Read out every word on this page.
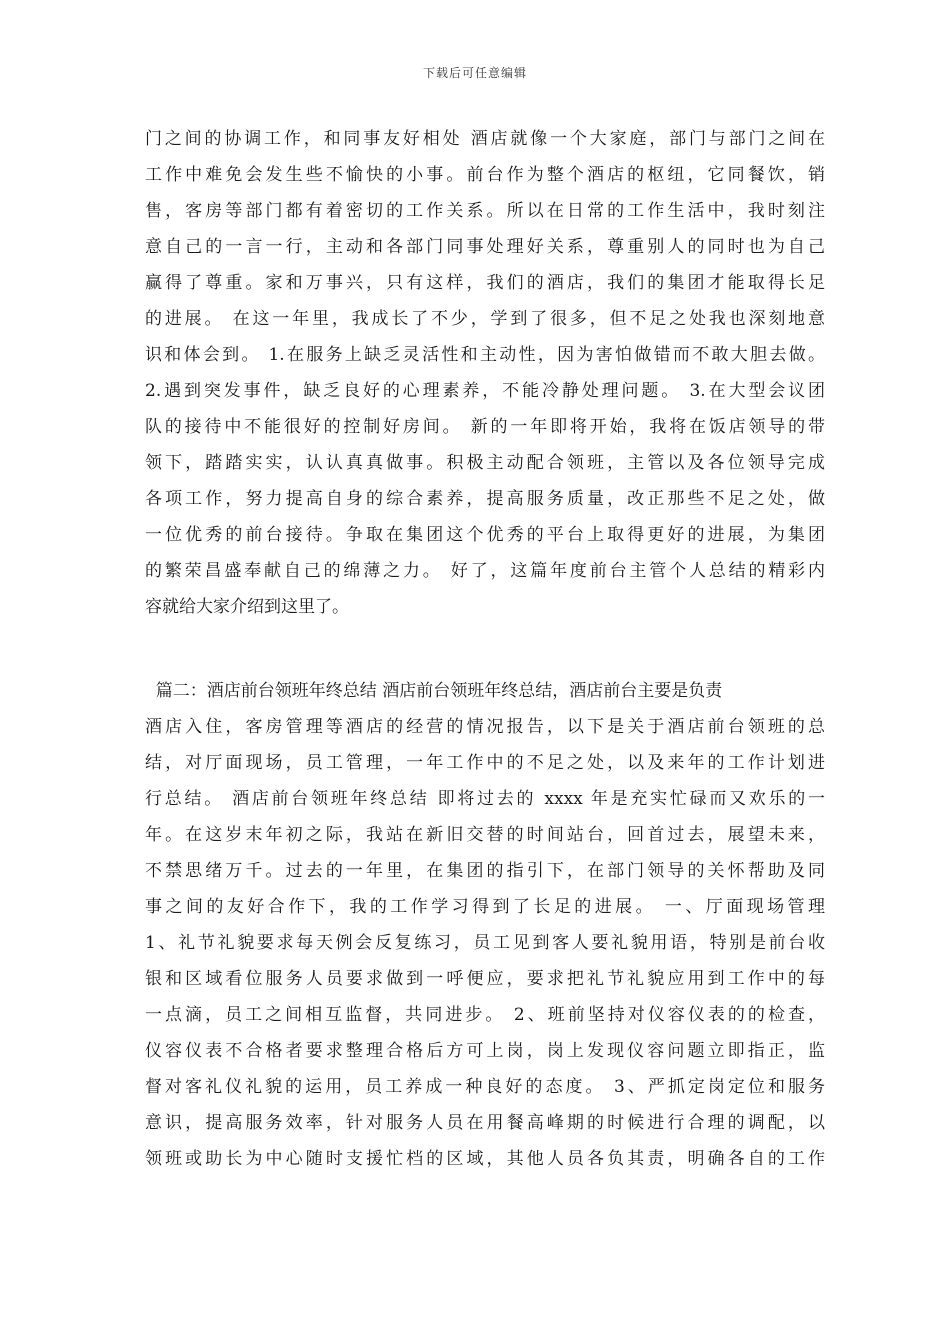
下载后可任意编辑
门之间的协调工作，和同事友好相处 酒店就像一个大家庭，部门与部门之间在
工作中难免会发生些不愉快的小事。前台作为整个酒店的枢纽，它同餐饮，销
售，客房等部门都有着密切的工作关系。所以在日常的工作生活中，我时刻注
意自己的一言一行，主动和各部门同事处理好关系，尊重别人的同时也为自己
赢得了尊重。家和万事兴，只有这样，我们的酒店，我们的集团才能取得长足
的进展。 在这一年里，我成长了不少，学到了很多，但不足之处我也深刻地意
识和体会到。 1.在服务上缺乏灵活性和主动性，因为害怕做错而不敢大胆去做。
2.遇到突发事件，缺乏良好的心理素养，不能冷静处理问题。 3.在大型会议团
队的接待中不能很好的控制好房间。 新的一年即将开始，我将在饭店领导的带
领下，踏踏实实，认认真真做事。积极主动配合领班，主管以及各位领导完成
各项工作，努力提高自身的综合素养，提高服务质量，改正那些不足之处，做
一位优秀的前台接待。争取在集团这个优秀的平台上取得更好的进展，为集团
的繁荣昌盛奉献自己的绵薄之力。 好了，这篇年度前台主管个人总结的精彩内
容就给大家介绍到这里了。
篇二：酒店前台领班年终总结 酒店前台领班年终总结，酒店前台主要是负责
酒店入住，客房管理等酒店的经营的情况报告，以下是关于酒店前台领班的总
结，对厅面现场，员工管理，一年工作中的不足之处，以及来年的工作计划进
行总结。 酒店前台领班年终总结 即将过去的 xxxx 年是充实忙碌而又欢乐的一
年。在这岁末年初之际，我站在新旧交替的时间站台，回首过去，展望未来，
不禁思绪万千。过去的一年里，在集团的指引下，在部门领导的关怀帮助及同
事之间的友好合作下，我的工作学习得到了长足的进展。 一、厅面现场管理
1、礼节礼貌要求每天例会反复练习，员工见到客人要礼貌用语，特别是前台收
银和区域看位服务人员要求做到一呼便应，要求把礼节礼貌应用到工作中的每
一点滴，员工之间相互监督，共同进步。 2、班前坚持对仪容仪表的的检查，
仪容仪表不合格者要求整理合格后方可上岗，岗上发现仪容问题立即指正，监
督对客礼仪礼貌的运用，员工养成一种良好的态度。 3、严抓定岗定位和服务
意识，提高服务效率，针对服务人员在用餐高峰期的时候进行合理的调配，以
领班或助长为中心随时支援忙档的区域，其他人员各负其责，明确各自的工作
